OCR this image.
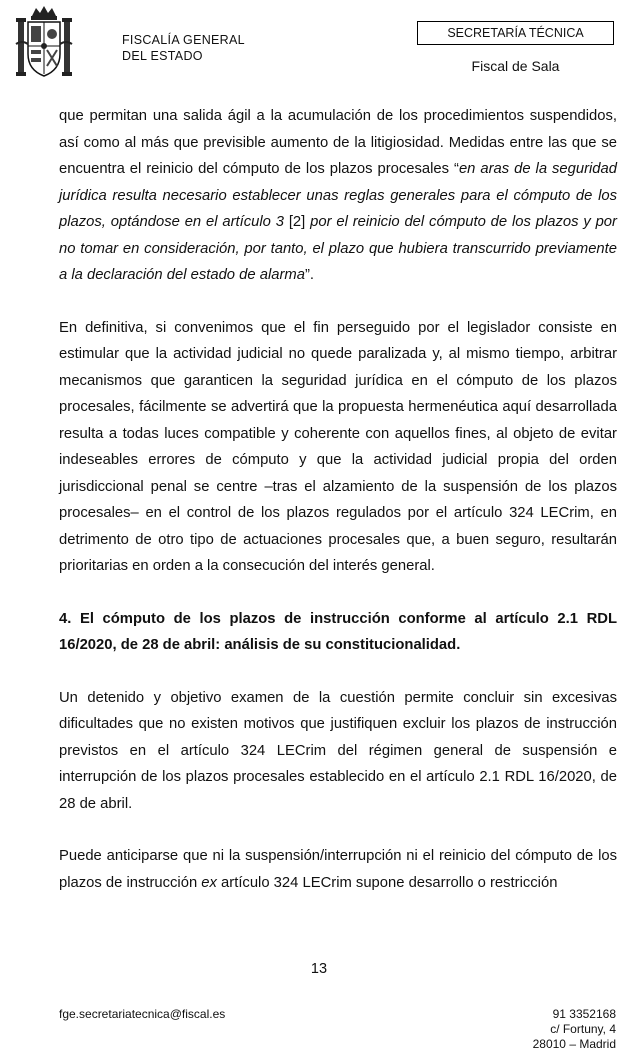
FISCALÍA GENERAL
DEL ESTADO
SECRETARÍA TÉCNICA
Fiscal de Sala

que permitan una salida ágil a la acumulación de los procedimientos suspendidos, así como al más que previsible aumento de la litigiosidad. Medidas entre las que se encuentra el reinicio del cómputo de los plazos procesales “en aras de la seguridad jurídica resulta necesario establecer unas reglas generales para el cómputo de los plazos, optándose en el artículo 3 [2] por el reinicio del cómputo de los plazos y por no tomar en consideración, por tanto, el plazo que hubiera transcurrido previamente a la declaración del estado de alarma”.

En definitiva, si convenimos que el fin perseguido por el legislador consiste en estimular que la actividad judicial no quede paralizada y, al mismo tiempo, arbitrar mecanismos que garanticen la seguridad jurídica en el cómputo de los plazos procesales, fácilmente se advertirá que la propuesta hermenéutica aquí desarrollada resulta a todas luces compatible y coherente con aquellos fines, al objeto de evitar indeseables errores de cómputo y que la actividad judicial propia del orden jurisdiccional penal se centre –tras el alzamiento de la suspensión de los plazos procesales– en el control de los plazos regulados por el artículo 324 LECrim, en detrimento de otro tipo de actuaciones procesales que, a buen seguro, resultarán prioritarias en orden a la consecución del interés general.

4. El cómputo de los plazos de instrucción conforme al artículo 2.1 RDL 16/2020, de 28 de abril: análisis de su constitucionalidad.

Un detenido y objetivo examen de la cuestión permite concluir sin excesivas dificultades que no existen motivos que justifiquen excluir los plazos de instrucción previstos en el artículo 324 LECrim del régimen general de suspensión e interrupción de los plazos procesales establecido en el artículo 2.1 RDL 16/2020, de 28 de abril.

Puede anticiparse que ni la suspensión/interrupción ni el reinicio del cómputo de los plazos de instrucción ex artículo 324 LECrim supone desarrollo o restricción

13
fge.secretariatecnica@fiscal.es	91 3352168
c/ Fortuny, 4
28010 – Madrid
